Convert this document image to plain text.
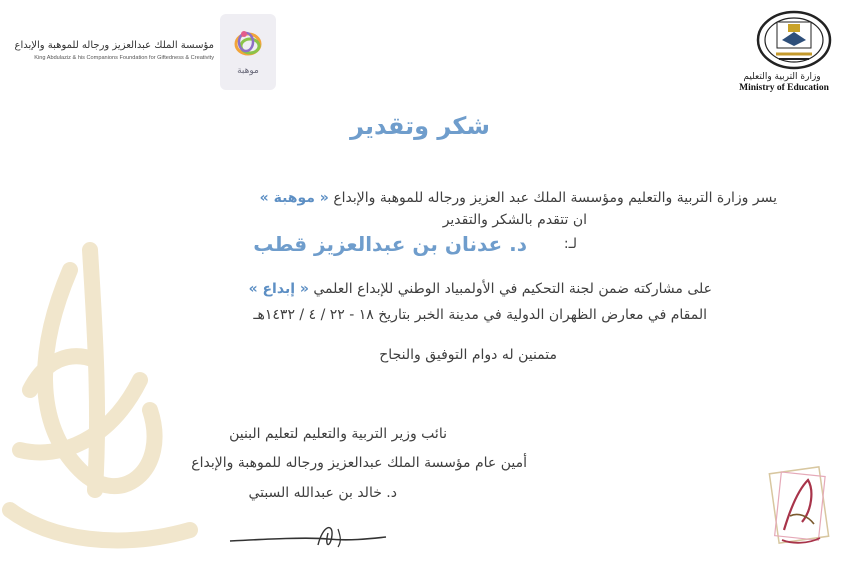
وزارة التربية والتعليم
Ministry of Education
موهبة
مؤسسة الملك عبدالعزيز ورجاله للموهبة والإبداع
King Abdulaziz & his Companions Foundation for Giftedness & Creativity
شكر وتقدير
يسر وزارة التربية والتعليم ومؤسسة الملك عبد العزيز ورجاله للموهبة والإبداع « موهبة »
ان تتقدم بالشكر والتقدير
لـ:
د. عدنان بن عبدالعزيز قطب
على مشاركته ضمن لجنة التحكيم في الأولمبياد الوطني للإبداع العلمي « إبداع »
المقام في معارض الظهران الدولية في مدينة الخبر بتاريخ ١٨ - ٢٢ / ٤ / ١٤٣٢هـ
متمنين له دوام التوفيق والنجاح
نائب وزير التربية والتعليم لتعليم البنين
أمين عام مؤسسة الملك عبدالعزيز ورجاله للموهبة والإبداع
د. خالد بن عبدالله السبتي
